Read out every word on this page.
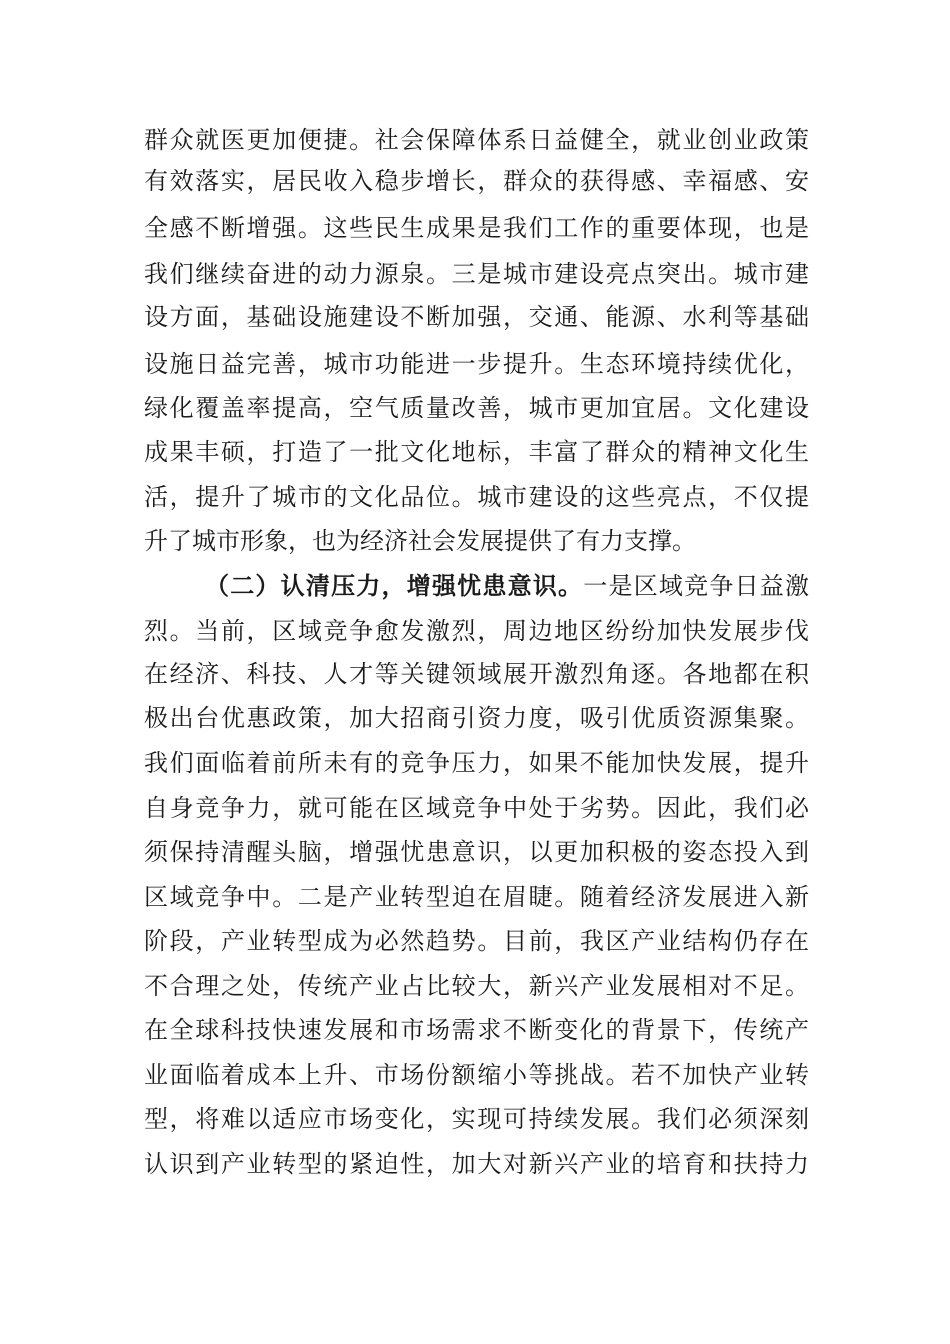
群众就医更加便捷。社会保障体系日益健全，就业创业政策
有效落实，居民收入稳步增长，群众的获得感、幸福感、安
全感不断增强。这些民生成果是我们工作的重要体现，也是
我们继续奋进的动力源泉。三是城市建设亮点突出。城市建
设方面，基础设施建设不断加强，交通、能源、水利等基础
设施日益完善，城市功能进一步提升。生态环境持续优化，
绿化覆盖率提高，空气质量改善，城市更加宜居。文化建设
成果丰硕，打造了一批文化地标，丰富了群众的精神文化生
活，提升了城市的文化品位。城市建设的这些亮点，不仅提
升了城市形象，也为经济社会发展提供了有力支撑。
（二）认清压力，增强忧患意识。一是区域竞争日益激
烈。当前，区域竞争愈发激烈，周边地区纷纷加快发展步伐
在经济、科技、人才等关键领域展开激烈角逐。各地都在积
极出台优惠政策，加大招商引资力度，吸引优质资源集聚。
我们面临着前所未有的竞争压力，如果不能加快发展，提升
自身竞争力，就可能在区域竞争中处于劣势。因此，我们必
须保持清醒头脑，增强忧患意识，以更加积极的姿态投入到
区域竞争中。二是产业转型迫在眉睫。随着经济发展进入新
阶段，产业转型成为必然趋势。目前，我区产业结构仍存在
不合理之处，传统产业占比较大，新兴产业发展相对不足。
在全球科技快速发展和市场需求不断变化的背景下，传统产
业面临着成本上升、市场份额缩小等挑战。若不加快产业转
型，将难以适应市场变化，实现可持续发展。我们必须深刻
认识到产业转型的紧迫性，加大对新兴产业的培育和扶持力
